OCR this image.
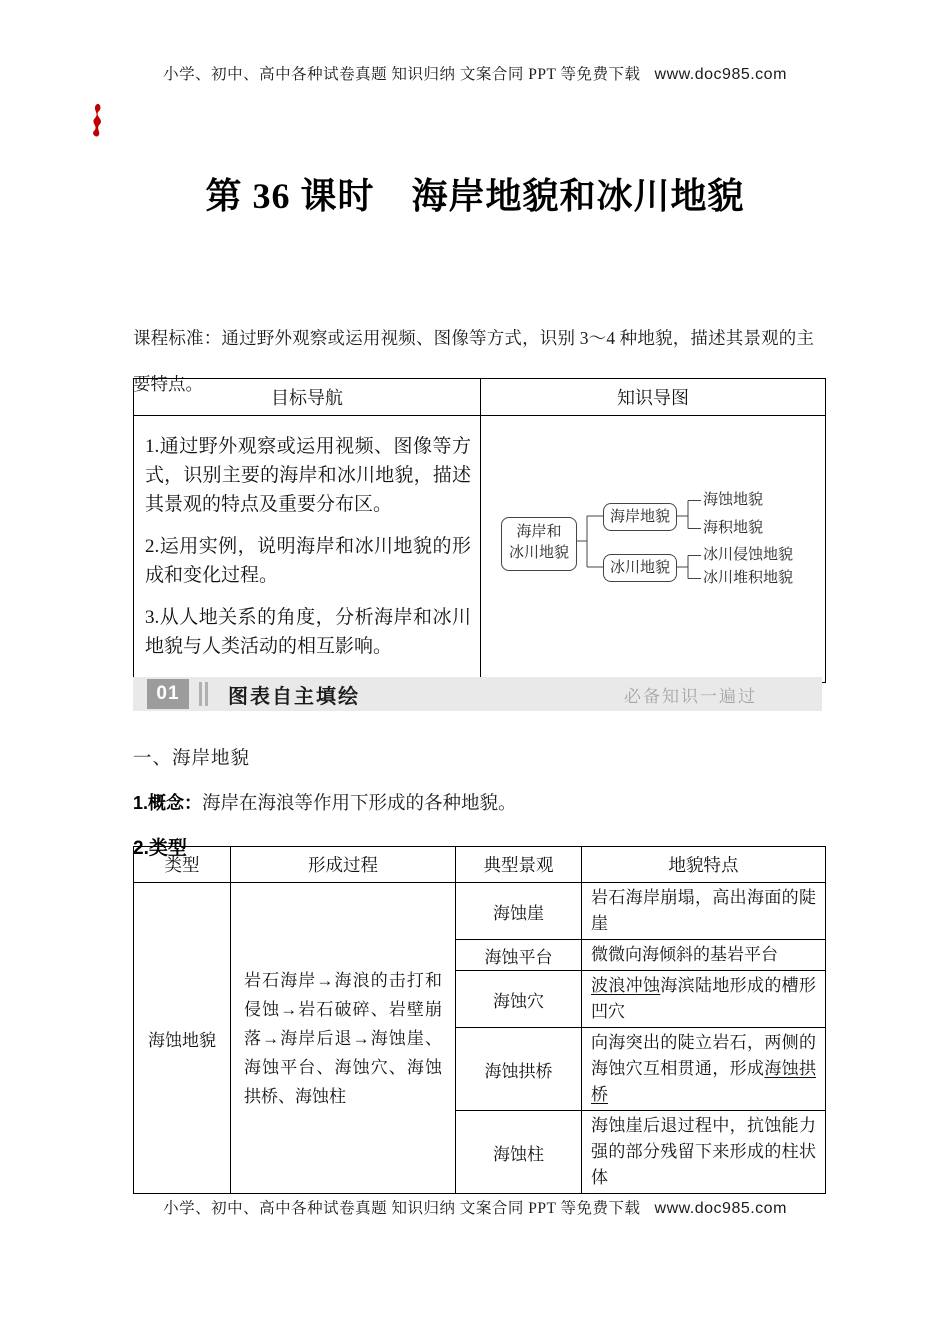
小学、初中、高中各种试卷真题 知识归纳 文案合同 PPT 等免费下载 www.doc985.com
第 36 课时　海岸地貌和冰川地貌

课程标准：通过野外观察或运用视频、图像等方式，识别 3～4 种地貌，描述其景观的主要特点。

目标导航	知识导图

1.通过野外观察或运用视频、图像等方式，识别主要的海岸和冰川地貌，描述其景观的特点及重要分布区。

2.运用实例，说明海岸和冰川地貌的形成和变化过程。

3.从人地关系的角度，分析海岸和冰川地貌与人类活动的相互影响。

海岸和
冰川地貌
海岸地貌
冰川地貌
海蚀地貌
海积地貌
冰川侵蚀地貌
冰川堆积地貌
01	图表自主填绘	必备知识一遍过
一、海岸地貌
1.概念：海岸在海浪等作用下形成的各种地貌。
2.类型
类型	形成过程	典型景观	地貌特点
海蚀地貌	岩石海岸→海浪的击打和侵蚀→岩石破碎、岩壁崩落→海岸后退→海蚀崖、海蚀平台、海蚀穴、海蚀拱桥、海蚀柱	海蚀崖	岩石海岸崩塌，高出海面的陡崖
		海蚀平台	微微向海倾斜的基岩平台
		海蚀穴	波浪冲蚀海滨陆地形成的槽形凹穴
		海蚀拱桥	向海突出的陡立岩石，两侧的海蚀穴互相贯通，形成海蚀拱桥
		海蚀柱	海蚀崖后退过程中，抗蚀能力强的部分残留下来形成的柱状体
小学、初中、高中各种试卷真题 知识归纳 文案合同 PPT 等免费下载 www.doc985.com
